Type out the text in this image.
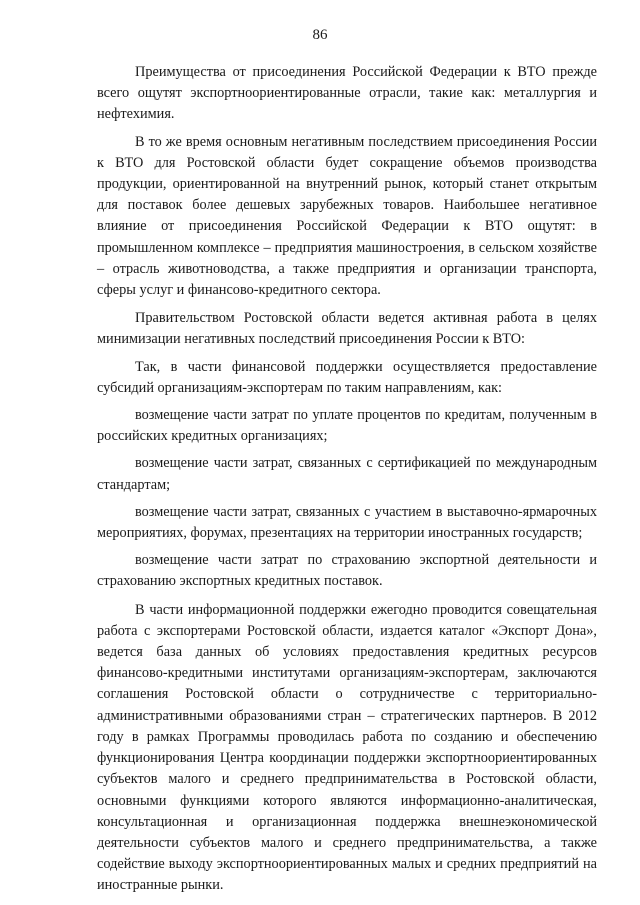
86

Преимущества от присоединения Российской Федерации к ВТО прежде всего ощутят экспортноориентированные отрасли, такие как: металлургия и нефтехимия.

В то же время основным негативным последствием присоединения России к ВТО для Ростовской области будет сокращение объемов производства продукции, ориентированной на внутренний рынок, который станет открытым для поставок более дешевых зарубежных товаров. Наибольшее негативное влияние от присоединения Российской Федерации к ВТО ощутят: в промышленном комплексе – предприятия машиностроения, в сельском хозяйстве – отрасль животноводства, а также предприятия и организации транспорта, сферы услуг и финансово-кредитного сектора.

Правительством Ростовской области ведется активная работа в целях минимизации негативных последствий присоединения России к ВТО:

Так, в части финансовой поддержки осуществляется предоставление субсидий организациям-экспортерам по таким направлениям, как:

возмещение части затрат по уплате процентов по кредитам, полученным в российских кредитных организациях;

возмещение части затрат, связанных с сертификацией по международным стандартам;

возмещение части затрат, связанных с участием в выставочно-ярмарочных мероприятиях, форумах, презентациях на территории иностранных государств;

возмещение части затрат по страхованию экспортной деятельности и страхованию экспортных кредитных поставок.

В части информационной поддержки ежегодно проводится совещательная работа с экспортерами Ростовской области, издается каталог «Экспорт Дона», ведется база данных об условиях предоставления кредитных ресурсов финансово-кредитными институтами организациям-экспортерам, заключаются соглашения Ростовской области о сотрудничестве с территориально-административными образованиями стран – стратегических партнеров. В 2012 году в рамках Программы проводилась работа по созданию и обеспечению функционирования Центра координации поддержки экспортноориентированных субъектов малого и среднего предпринимательства в Ростовской области, основными функциями которого являются информационно-аналитическая, консультационная и организационная поддержка внешнеэкономической деятельности субъектов малого и среднего предпринимательства, а также содействие выходу экспортноориентированных малых и средних предприятий на иностранные рынки.
